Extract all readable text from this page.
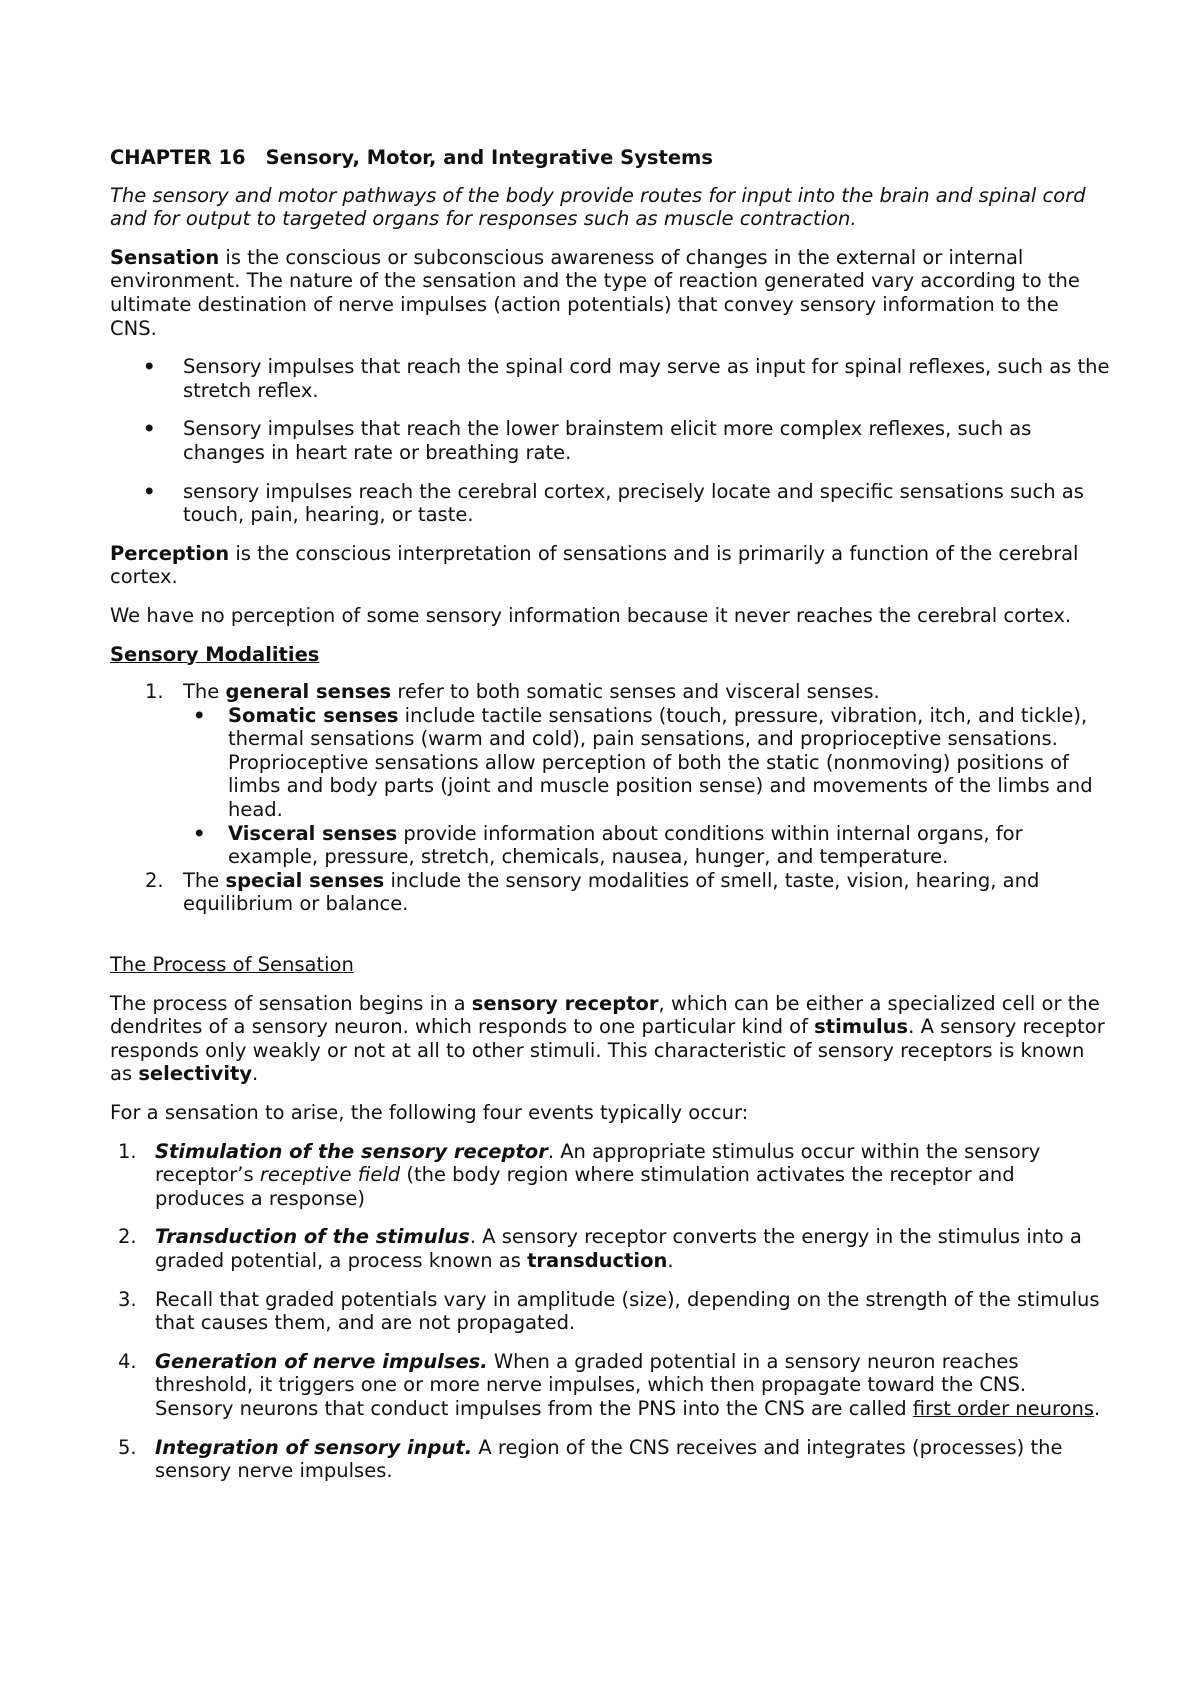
CHAPTER 16 Sensory, Motor, and Integrative Systems

The sensory and motor pathways of the body provide routes for input into the brain and spinal cord and for output to targeted organs for responses such as muscle contraction.

Sensation is the conscious or subconscious awareness of changes in the external or internal environment. The nature of the sensation and the type of reaction generated vary according to the ultimate destination of nerve impulses (action potentials) that convey sensory information to the CNS.

• Sensory impulses that reach the spinal cord may serve as input for spinal reflexes, such as the stretch reflex.
• Sensory impulses that reach the lower brainstem elicit more complex reflexes, such as changes in heart rate or breathing rate.
• sensory impulses reach the cerebral cortex, precisely locate and specific sensations such as touch, pain, hearing, or taste.

Perception is the conscious interpretation of sensations and is primarily a function of the cerebral cortex.

We have no perception of some sensory information because it never reaches the cerebral cortex.

Sensory Modalities

1. The general senses refer to both somatic senses and visceral senses.
• Somatic senses include tactile sensations (touch, pressure, vibration, itch, and tickle), thermal sensations (warm and cold), pain sensations, and proprioceptive sensations. Proprioceptive sensations allow perception of both the static (nonmoving) positions of limbs and body parts (joint and muscle position sense) and movements of the limbs and head.
• Visceral senses provide information about conditions within internal organs, for example, pressure, stretch, chemicals, nausea, hunger, and temperature.
2. The special senses include the sensory modalities of smell, taste, vision, hearing, and equilibrium or balance.

The Process of Sensation

The process of sensation begins in a sensory receptor, which can be either a specialized cell or the dendrites of a sensory neuron. which responds to one particular kind of stimulus. A sensory receptor responds only weakly or not at all to other stimuli. This characteristic of sensory receptors is known as selectivity.

For a sensation to arise, the following four events typically occur:

1. Stimulation of the sensory receptor. An appropriate stimulus occur within the sensory receptor’s receptive field (the body region where stimulation activates the receptor and produces a response)
2. Transduction of the stimulus. A sensory receptor converts the energy in the stimulus into a graded potential, a process known as transduction.
3. Recall that graded potentials vary in amplitude (size), depending on the strength of the stimulus that causes them, and are not propagated.
4. Generation of nerve impulses. When a graded potential in a sensory neuron reaches threshold, it triggers one or more nerve impulses, which then propagate toward the CNS. Sensory neurons that conduct impulses from the PNS into the CNS are called first order neurons.
5. Integration of sensory input. A region of the CNS receives and integrates (processes) the sensory nerve impulses.
